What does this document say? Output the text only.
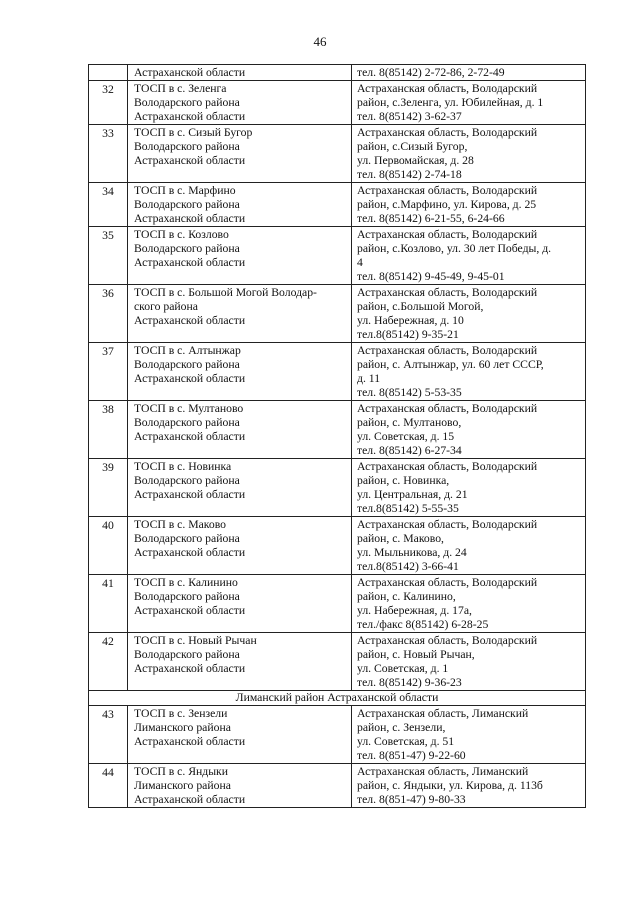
46

	Астраханской области	тел. 8(85142) 2-72-86, 2-72-49

32	ТОСП в с. Зеленга
Володарского района
Астраханской области	Астраханская область, Володарский
район, с.Зеленга, ул. Юбилейная, д. 1
тел. 8(85142) 3-62-37

33	ТОСП в с. Сизый Бугор
Володарского района
Астраханской области	Астраханская область, Володарский
район, с.Сизый Бугор,
ул. Первомайская, д. 28
тел. 8(85142) 2-74-18

34	ТОСП в с. Марфино
Володарского района
Астраханской области	Астраханская область, Володарский
район, с.Марфино, ул. Кирова, д. 25
тел. 8(85142) 6-21-55, 6-24-66

35	ТОСП в с. Козлово
Володарского района
Астраханской области	Астраханская область, Володарский
район, с.Козлово, ул. 30 лет Победы, д.
4
тел. 8(85142) 9-45-49, 9-45-01

36	ТОСП в с. Большой Могой Володар-
ского района
Астраханской области	Астраханская область, Володарский
район, с.Большой Могой,
ул. Набережная, д. 10
тел.8(85142) 9-35-21

37	ТОСП в с. Алтынжар
Володарского района
Астраханской области	Астраханская область, Володарский
район, с. Алтынжар, ул. 60 лет СССР,
д. 11
тел. 8(85142) 5-53-35

38	ТОСП в с. Мултаново
Володарского района
Астраханской области	Астраханская область, Володарский
район, с. Мултаново,
ул. Советская, д. 15
тел. 8(85142) 6-27-34

39	ТОСП в с. Новинка
Володарского района
Астраханской области	Астраханская область, Володарский
район, с. Новинка,
ул. Центральная, д. 21
тел.8(85142) 5-55-35

40	ТОСП в с. Маково
Володарского района
Астраханской области	Астраханская область, Володарский
район, с. Маково,
ул. Мыльникова, д. 24
тел.8(85142) 3-66-41

41	ТОСП в с. Калинино
Володарского района
Астраханской области	Астраханская область, Володарский
район, с. Калинино,
ул. Набережная, д. 17а,
тел./факс 8(85142) 6-28-25

42	ТОСП в с. Новый Рычан
Володарского района
Астраханской области	Астраханская область, Володарский
район, с. Новый Рычан,
ул. Советская, д. 1
тел. 8(85142) 9-36-23

Лиманский район Астраханской области		

43	ТОСП в с. Зензели
Лиманского района
Астраханской области	Астраханская область, Лиманский
район, с. Зензели,
ул. Советская, д. 51
тел. 8(851-47) 9-22-60

44	ТОСП в с. Яндыки
Лиманского района
Астраханской области	Астраханская область, Лиманский
район, с. Яндыки, ул. Кирова, д. 113б
тел. 8(851-47) 9-80-33
